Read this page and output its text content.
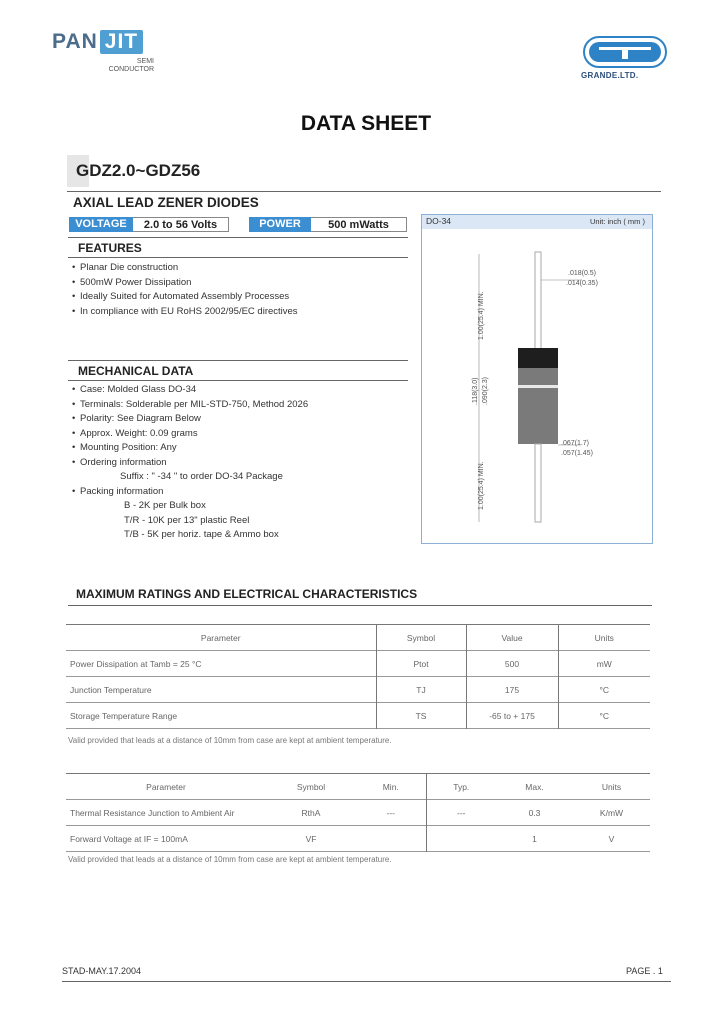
PAN JIT
SEMI
CONDUCTOR
GRANDE.LTD.
DATA SHEET
GDZ2.0~GDZ56
AXIAL LEAD ZENER DIODES
VOLTAGE	2.0 to 56 Volts	POWER	500 mWatts
FEATURES
• Planar Die construction
• 500mW Power Dissipation
• Ideally Suited for Automated Assembly Processes
• In compliance with EU RoHS 2002/95/EC directives
MECHANICAL DATA
• Case: Molded Glass DO-34
• Terminals: Solderable per MIL-STD-750, Method 2026
• Polarity: See Diagram Below
• Approx. Weight: 0.09 grams
• Mounting Position: Any
• Ordering information
Suffix : " -34 " to order DO-34 Package
• Packing information
B - 2K per Bulk box
T/R - 10K per 13" plastic Reel
T/B - 5K per horiz. tape & Ammo box
DO-34	Unit: inch ( mm )
.018(0.5)
.014(0.35)
.067(1.7)
.057(1.45)
1.00(25.4) MIN.
.118(3.0) .090(2.3)
1.00(25.4) MIN.
MAXIMUM RATINGS AND ELECTRICAL CHARACTERISTICS
Parameter	Symbol	Value	Units
Power Dissipation at Tamb = 25 °C	Ptot	500	mW
Junction Temperature	TJ	175	°C
Storage Temperature Range	TS	-65 to + 175	°C
Valid provided that leads at a distance of 10mm from case are kept at ambient temperature.
Parameter	Symbol	Min.	Typ.	Max.	Units
Thermal Resistance Junction to Ambient Air	RthA	---	---	0.3	K/mW
Forward Voltage at IF = 100mA	VF			1	V
Valid provided that leads at a distance of 10mm from case are kept at ambient temperature.
STAD-MAY.17.2004	PAGE . 1
